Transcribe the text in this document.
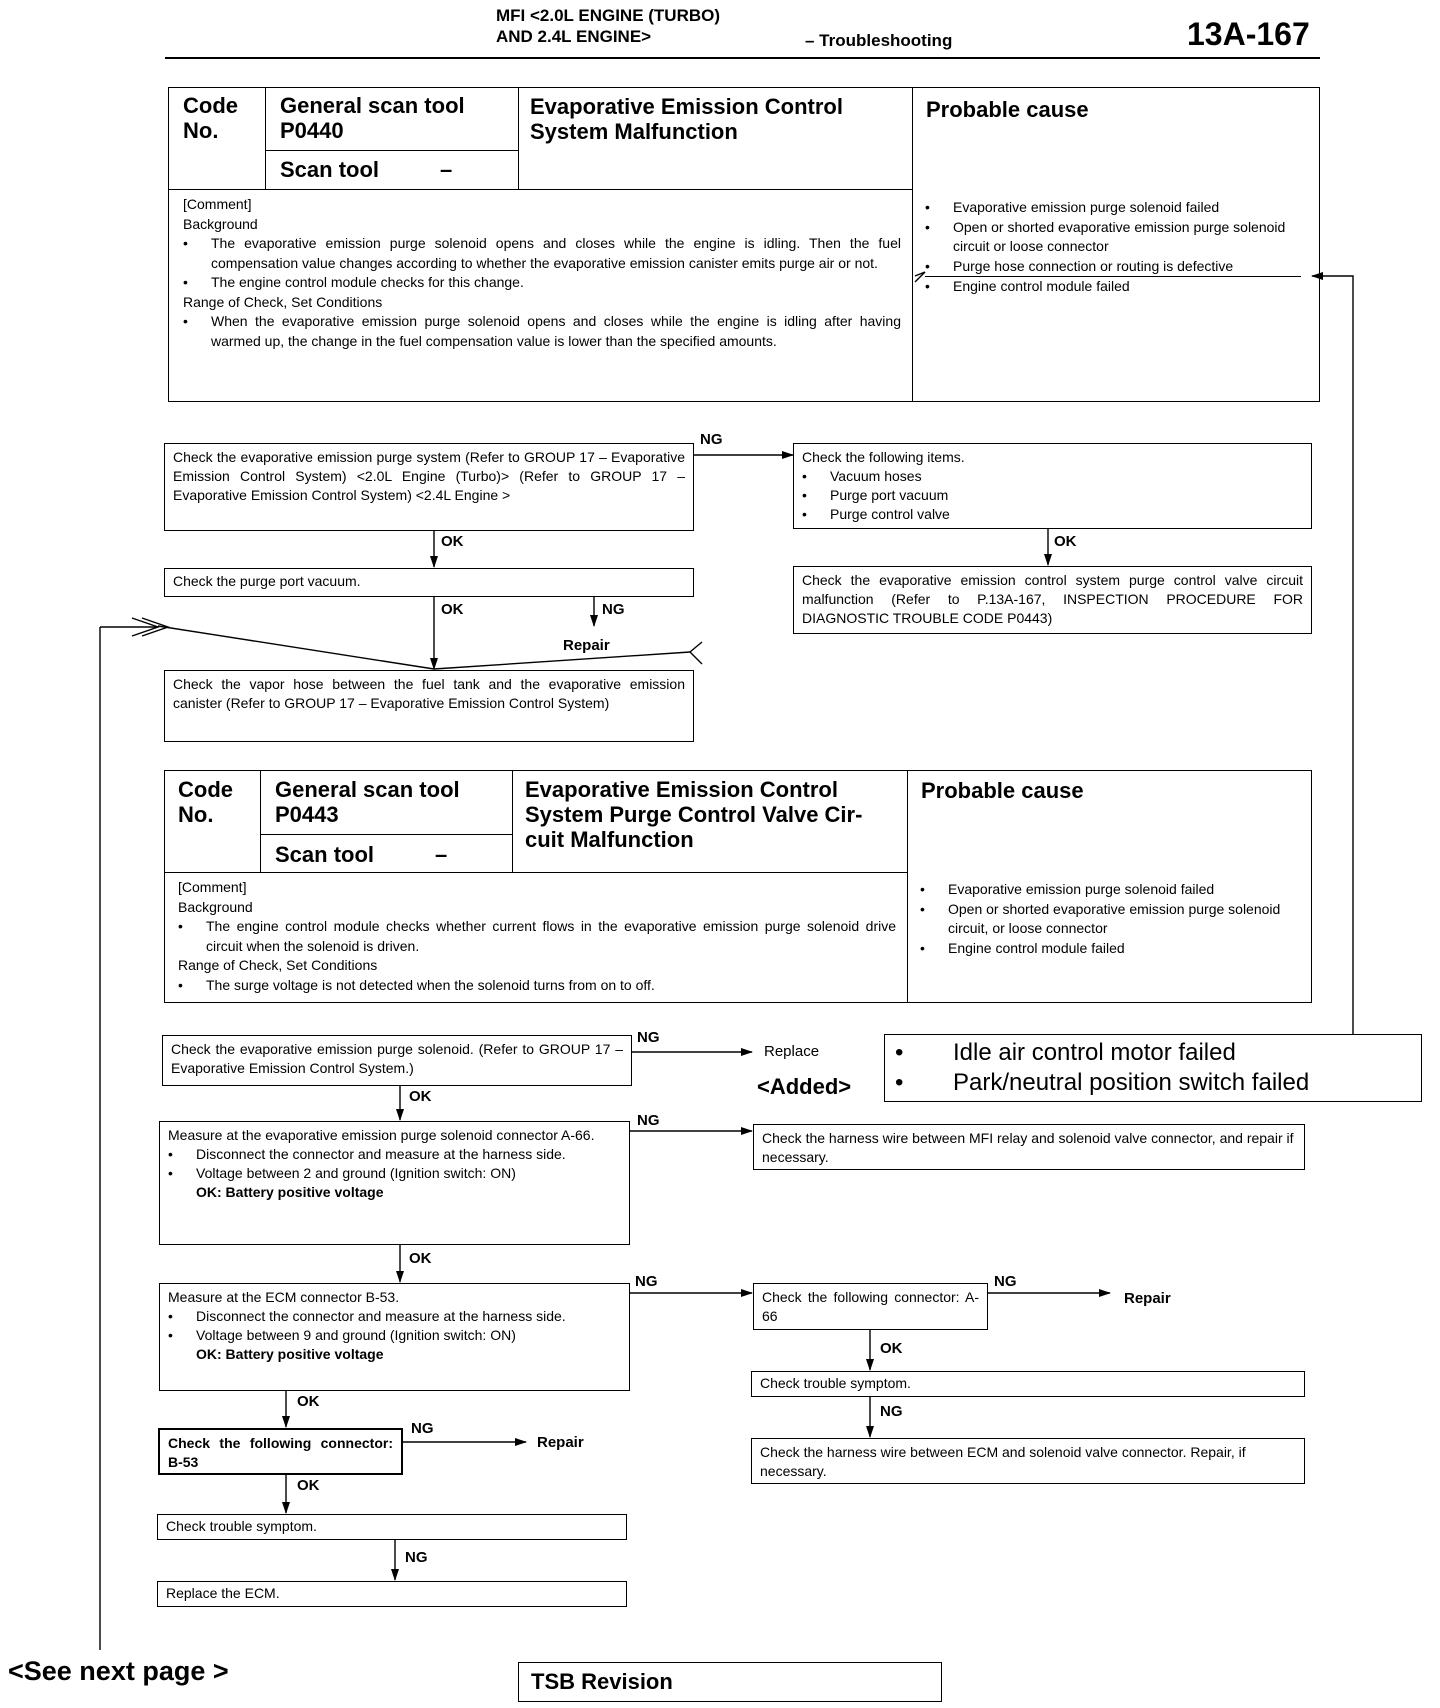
MFI <2.0L ENGINE (TURBO)
AND 2.4L ENGINE>	– Troubleshooting	13A-167
Code
No.
General scan tool
P0440
Scan tool	–
Evaporative Emission Control
System Malfunction
Probable cause
[Comment]
Background
•	The evaporative emission purge solenoid opens and closes while the engine is idling. Then the fuel compensation value changes according to whether the evaporative emission canister emits purge air or not.
•	The engine control module checks for this change.
Range of Check, Set Conditions
•	When the evaporative emission purge solenoid opens and closes while the engine is idling after having warmed up, the change in the fuel compensation value is lower than the specified amounts.
•	Evaporative emission purge solenoid failed
•	Open or shorted evaporative emission purge solenoid circuit or loose connector
•	Purge hose connection or routing is defective
•	Engine control module failed
Check the evaporative emission purge system (Refer to GROUP 17 – Evaporative Emission Control System) <2.0L Engine (Turbo)> (Refer to GROUP 17 – Evaporative Emission Control System) <2.4L Engine >
Check the following items.
•	Vacuum hoses
•	Purge port vacuum
•	Purge control valve
Check the purge port vacuum.	Check the evaporative emission control system purge control valve circuit malfunction (Refer to P.13A-167, INSPECTION PROCEDURE FOR DIAGNOSTIC TROUBLE CODE P0443)
Check the vapor hose between the fuel tank and the evaporative emission canister (Refer to GROUP 17 – Evaporative Emission Control System)
NG
OK	OK
OK	NG
Repair
Code
No.
General scan tool
P0443
Scan tool	–
Evaporative Emission Control
System Purge Control Valve Cir-
cuit Malfunction
Probable cause
[Comment]
Background
•	The engine control module checks whether current flows in the evaporative emission purge solenoid drive circuit when the solenoid is driven.
Range of Check, Set Conditions
•	The surge voltage is not detected when the solenoid turns from on to off.
•	Evaporative emission purge solenoid failed
•	Open or shorted evaporative emission purge solenoid circuit, or loose connector
•	Engine control module failed
•	Idle air control motor failed
•	Park/neutral position switch failed
<Added>
Check the evaporative emission purge solenoid. (Refer to GROUP 17 – Evaporative Emission Control System.)
Replace
Measure at the evaporative emission purge solenoid connector A-66.
•	Disconnect the connector and measure at the harness side.
•	Voltage between 2 and ground (Ignition switch: ON)
OK: Battery positive voltage
Check the harness wire between MFI relay and solenoid valve connector, and repair if necessary.
Measure at the ECM connector B-53.
•	Disconnect the connector and measure at the harness side.
•	Voltage between 9 and ground (Ignition switch: ON)
OK: Battery positive voltage
Check the following connector: A-66
Repair
Check trouble symptom.
Check the harness wire between ECM and solenoid valve connector. Repair, if necessary.
Check the following connector: B-53
Repair
Check trouble symptom.
Replace the ECM.
NG
OK
NG
OK
NG	NG
OK
NG
OK
NG
OK
NG
<See next page >	TSB Revision
